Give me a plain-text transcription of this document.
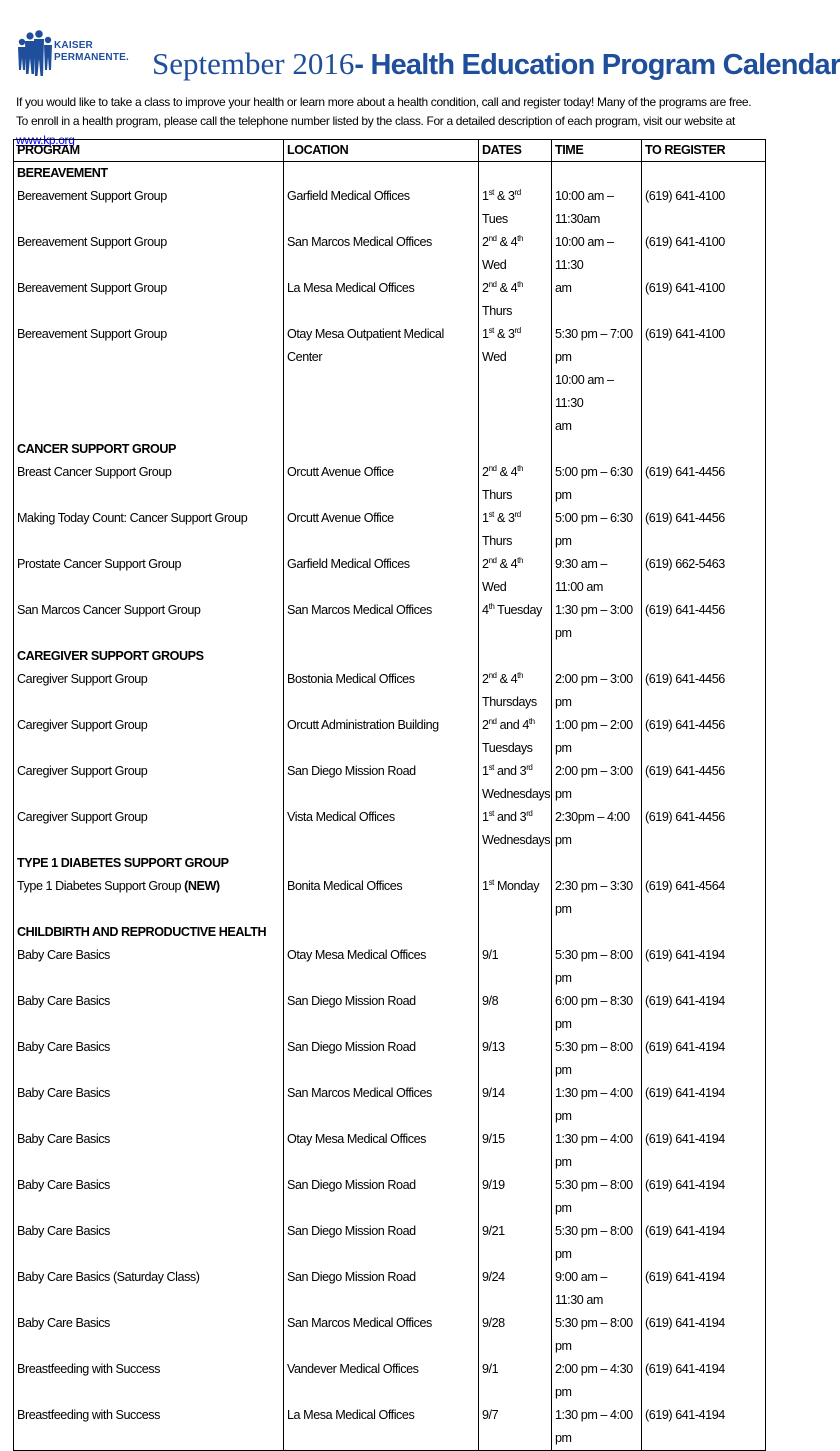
KAISER
PERMANENTE. September 2016- Health Education Program Calendar
If you would like to take a class to improve your health or learn more about a health condition, call and register today! Many of the programs are free. To enroll in a health program, please call the telephone number listed by the class. For a detailed description of each program, visit our website at www.kp.org
PROGRAM	LOCATION	DATES	TIME	TO REGISTER
BEREAVEMENT				
Bereavement Support Group	Garfield Medical Offices	1st & 3rd Tues	10:00 am –11:30am	(619) 641-4100
Bereavement Support Group	San Marcos Medical Offices	2nd & 4th Wed	10:00 am –11:30	(619) 641-4100
Bereavement Support Group	La Mesa Medical Offices	2nd & 4th Thurs	am	(619) 641-4100
Bereavement Support Group	Otay Mesa Outpatient Medical Center	1st & 3rd Wed	5:30 pm – 7:00 pm	(619) 641-4100
			10:00 am –11:30	
			am	
CANCER SUPPORT GROUP				
Breast Cancer Support Group	Orcutt Avenue Office	2nd & 4th Thurs	5:00 pm – 6:30 pm	(619) 641-4456
Making Today Count: Cancer Support Group	Orcutt Avenue Office	1st & 3rd Thurs	5:00 pm – 6:30 pm	(619) 641-4456
Prostate Cancer Support Group	Garfield Medical Offices	2nd & 4th Wed	9:30 am – 11:00 am	(619) 662-5463
San Marcos Cancer Support Group	San Marcos Medical Offices	4th Tuesday	1:30 pm – 3:00 pm	(619) 641-4456
CAREGIVER SUPPORT GROUPS				
Caregiver Support Group	Bostonia Medical Offices	2nd & 4th Thursdays	2:00 pm – 3:00 pm	(619) 641-4456
Caregiver Support Group	Orcutt Administration Building	2nd and 4th Tuesdays	1:00 pm – 2:00 pm	(619) 641-4456
Caregiver Support Group	San Diego Mission Road	1st and 3rd Wednesdays	2:00 pm – 3:00 pm	(619) 641-4456
Caregiver Support Group	Vista Medical Offices	1st and 3rd Wednesdays	2:30pm – 4:00 pm	(619) 641-4456

TYPE 1 DIABETES SUPPORT GROUP				
Type 1 Diabetes Support Group (NEW)	Bonita Medical Offices	1st Monday	2:30 pm – 3:30 pm	(619) 641-4564
CHILDBIRTH AND REPRODUCTIVE HEALTH				
Baby Care Basics	Otay Mesa Medical Offices	9/1	5:30 pm – 8:00 pm	(619) 641-4194
Baby Care Basics	San Diego Mission Road	9/8	6:00 pm – 8:30 pm	(619) 641-4194
Baby Care Basics	San Diego Mission Road	9/13	5:30 pm – 8:00 pm	(619) 641-4194
Baby Care Basics	San Marcos Medical Offices	9/14	1:30 pm – 4:00 pm	(619) 641-4194
Baby Care Basics	Otay Mesa Medical Offices	9/15	1:30 pm – 4:00 pm	(619) 641-4194
Baby Care Basics	San Diego Mission Road	9/19	5:30 pm – 8:00 pm	(619) 641-4194
Baby Care Basics	San Diego Mission Road	9/21	5:30 pm – 8:00 pm	(619) 641-4194
Baby Care Basics (Saturday Class)	San Diego Mission Road	9/24	9:00 am – 11:30 am	(619) 641-4194
Baby Care Basics	San Marcos Medical Offices	9/28	5:30 pm – 8:00 pm	(619) 641-4194
Breastfeeding with Success	Vandever Medical Offices	9/1	2:00 pm – 4:30 pm	(619) 641-4194
Breastfeeding with Success	La Mesa Medical Offices	9/7	1:30 pm – 4:00 pm	(619) 641-4194
